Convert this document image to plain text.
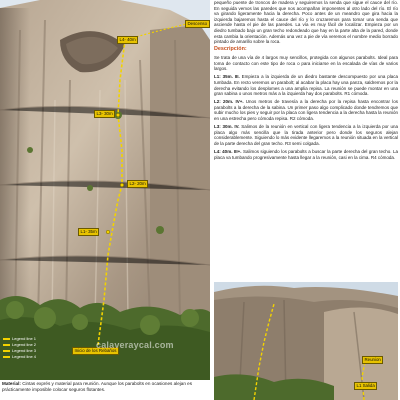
Descenso
L4- 40m
L3- 30m
L2- 20m
L1- 35m
Inicio de los Rebaños
Legend line 1
Legend line 2
Legend line 3
Legend line 4
calaveraycal.com
Material: Cintas exprés y material para reunión. Aunque los parabolts en ocasiones alejan es prácticamente imposible colocar seguros flotantes.

pequeño puente de troncos de madera y seguiremos la senda que sigue el cauce del río. En seguida vemos las paredes que nos acompañan imponentes al otro lado del río. El río va girando ligeramente hacia la derecha. Poco antes de un meandro que gira hacia la izquierda bajaremos hasta el cauce del río y lo cruzaremos para tomar una senda que asciende hasta el pie de las paredes. La vía es muy fácil de localizar. Empieza por un diedro tumbado bajo un gran techo redondeado que hay en la parte alta de la pared, donde esta cambia la orientación. Además una vez a pie de vía veremos el nombre medio borrado pintado de amarillo sobre la roca.

Descripción:

Se trata de una vía de 4 largos muy sencillos, protegida con algunos parabolts. Ideal para toma de contacto con este tipo de roca o para iniciarse en la escalada de vías de varios largos.

L1: 35m. III. Empieza a la izquierda de un diedro bastante descompuesto por una placa tumbada. En recto veremos un parabolt; al acabar la placa hay una panza, saldremos por la derecha evitando los desplomes a una amplia repisa. La reunión se puede montar en una gran sabina o unos metros más a la izquierda hay dos parabolts. R1 cómoda.

L2: 20m. IV+. Unos metros de travesía a la derecha por la repisa hasta encontrar los parabolts a la derecha de la sabina. Un primer paso algo complicado donde tendremos que subir mucho los pies y seguir por la placa con ligera tendencia a la derecha hasta la reunión en una estrecha pero cómoda repisa. R2 cómoda.

L3: 30m. IV. Salimos de la reunión en vertical con ligera tendencia a la izquierda por una placa algo más sencilla que la tirada anterior pero donde los seguros alejan considerablemente. Siguiendo lo más evidente llegaremos a la reunión situada en la vertical de la parte derecha del gran techo. R3 semi colgada.

L4: 40m. III+. Salimos siguiendo los parabolts a buscar la parte derecha del gran techo. La placa va tumbando progresivamente hasta llegar a la reunión, casi en la cima. R4 cómoda.

Reunion
L1 Salida
